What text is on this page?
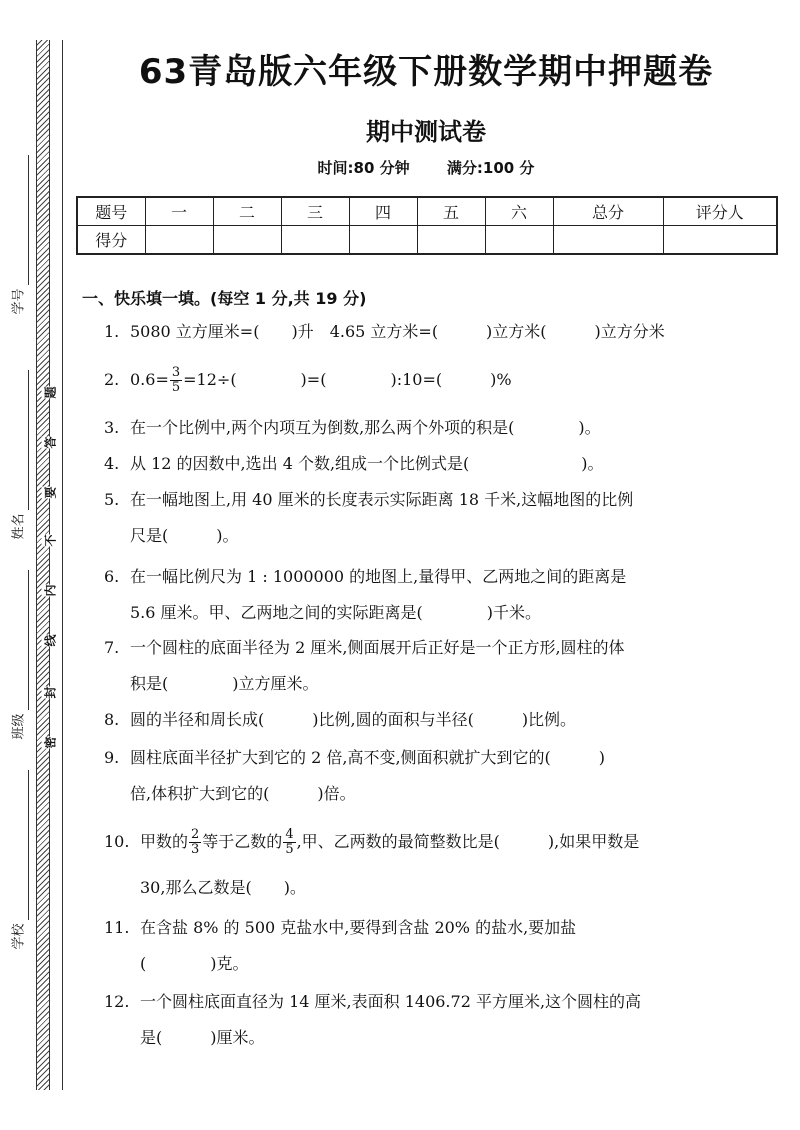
学号
姓名
班级
学校
密
封
线
内
不
要
答
题
63青岛版六年级下册数学期中押题卷
期中测试卷
时间:80 分钟 满分:100 分
题号	一	二	三	四	五	六	总分	评分人
得分								
一、快乐填一填。(每空 1 分,共 19 分)
1. 5080 立方厘米=(　　)升　4.65 立方米=(　　　)立方米(　　　)立方分米
2. $0.6= \frac{3}{5} =12\div$(　　　　)=(　　　　):10=(　　　)%
3. 在一个比例中,两个内项互为倒数,那么两个外项的积是(　　　　)。
4. 从 12 的因数中,选出 4 个数,组成一个比例式是(　　　　　　　)。
5. 在一幅地图上,用 40 厘米的长度表示实际距离 18 千米,这幅地图的比例
尺是(　　　)。
6. 在一幅比例尺为 1 : 1000000 的地图上,量得甲、乙两地之间的距离是
5.6 厘米。甲、乙两地之间的实际距离是(　　　　)千米。
7. 一个圆柱的底面半径为 2 厘米,侧面展开后正好是一个正方形,圆柱的体
积是(　　　　)立方厘米。
8. 圆的半径和周长成(　　　)比例,圆的面积与半径(　　　)比例。
9. 圆柱底面半径扩大到它的 2 倍,高不变,侧面积就扩大到它的(　　　)
倍,体积扩大到它的(　　　)倍。
10. 甲数的 $\frac{2}{3}$ 等于乙数的 $\frac{4}{5}$ ,甲、乙两数的最简整数比是(　　　),如果甲数是
30,那么乙数是(　　)。
11. 在含盐 8% 的 500 克盐水中,要得到含盐 20% 的盐水,要加盐
(　　　　)克。
12. 一个圆柱底面直径为 14 厘米,表面积 1406.72 平方厘米,这个圆柱的高
是(　　　)厘米。
